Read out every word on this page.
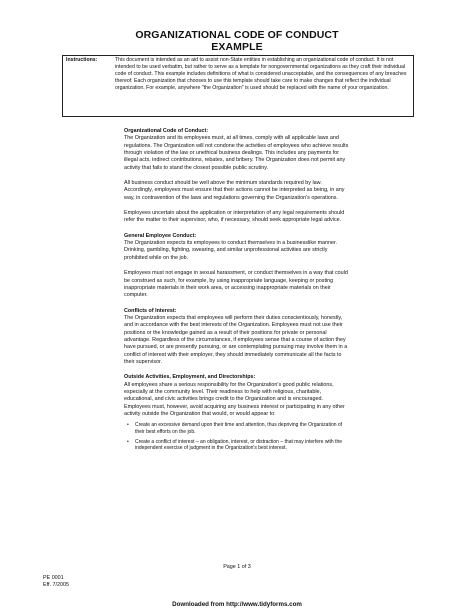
ORGANIZATIONAL CODE OF CONDUCT
EXAMPLE
Instructions:	This document is intended as an aid to assist non-State entities in establishing an organizational code of conduct. It is not intended to be used verbatim, but rather to serve as a template for nongovernmental organizations as they craft their individual code of conduct. This example includes definitions of what is considered unacceptable, and the consequences of any breaches thereof. Each organization that chooses to use this template should take care to make changes that reflect the individual organization. For example, anywhere "the Organization" is used should be replaced with the name of your organization.
Organizational Code of Conduct:

The Organization and its employees must, at all times, comply with all applicable laws and regulations. The Organization will not condone the activities of employees who achieve results through violation of the law or unethical business dealings. This includes any payments for illegal acts, indirect contributions, rebates, and bribery. The Organization does not permit any activity that fails to stand the closest possible public scrutiny.

All business conduct should be well above the minimum standards required by law. Accordingly, employees must ensure that their actions cannot be interpreted as being, in any way, in contravention of the laws and regulations governing the Organization's operations.

Employees uncertain about the application or interpretation of any legal requirements should refer the matter to their supervisor, who, if necessary, should seek appropriate legal advice.

General Employee Conduct:

The Organization expects its employees to conduct themselves in a businesslike manner. Drinking, gambling, fighting, swearing, and similar unprofessional activities are strictly prohibited while on the job.

Employees must not engage in sexual harassment, or conduct themselves in a way that could be construed as such, for example, by using inappropriate language, keeping or posting inappropriate materials in their work area, or accessing inappropriate materials on their computer.

Conflicts of Interest:

The Organization expects that employees will perform their duties conscientiously, honestly, and in accordance with the best interests of the Organization. Employees must not use their positions or the knowledge gained as a result of their positions for private or personal advantage. Regardless of the circumstances, if employees sense that a course of action they have pursued, or are presently pursuing, or are contemplating pursuing may involve them in a conflict of interest with their employer, they should immediately communicate all the facts to their supervisor.

Outside Activities, Employment, and Directorships:

All employees share a serious responsibility for the Organization's good public relations, especially at the community level. Their readiness to help with religious, charitable, educational, and civic activities brings credit to the Organization and is encouraged. Employees must, however, avoid acquiring any business interest or participating in any other activity outside the Organization that would, or would appear to:

• Create an excessive demand upon their time and attention, thus depriving the Organization of their best efforts on the job.
• Create a conflict of interest – an obligation, interest, or distraction – that may interfere with the independent exercise of judgment in the Organization's best interest.
Page 1 of 3
PE 0001
Eff. 7/2005
Downloaded from http://www.tidyforms.com
